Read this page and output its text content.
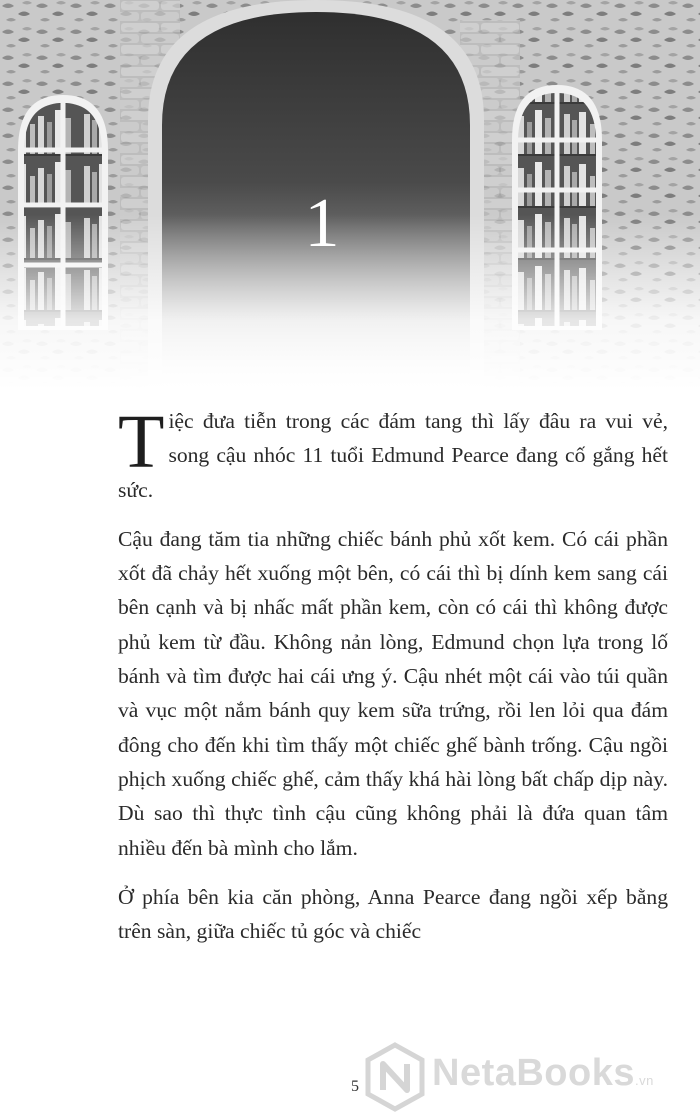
1

Tiệc đưa tiễn trong các đám tang thì lấy đâu ra vui vẻ, song cậu nhóc 11 tuổi Edmund Pearce đang cố gắng hết sức.

Cậu đang tăm tia những chiếc bánh phủ xốt kem. Có cái phần xốt đã chảy hết xuống một bên, có cái thì bị dính kem sang cái bên cạnh và bị nhấc mất phần kem, còn có cái thì không được phủ kem từ đầu. Không nản lòng, Edmund chọn lựa trong lố bánh và tìm được hai cái ưng ý. Cậu nhét một cái vào túi quần và vục một nắm bánh quy kem sữa trứng, rồi len lỏi qua đám đông cho đến khi tìm thấy một chiếc ghế bành trống. Cậu ngồi phịch xuống chiếc ghế, cảm thấy khá hài lòng bất chấp dịp này. Dù sao thì thực tình cậu cũng không phải là đứa quan tâm nhiều đến bà mình cho lắm.

Ở phía bên kia căn phòng, Anna Pearce đang ngồi xếp bằng trên sàn, giữa chiếc tủ góc và chiếc

NetaBooks.vn
5
